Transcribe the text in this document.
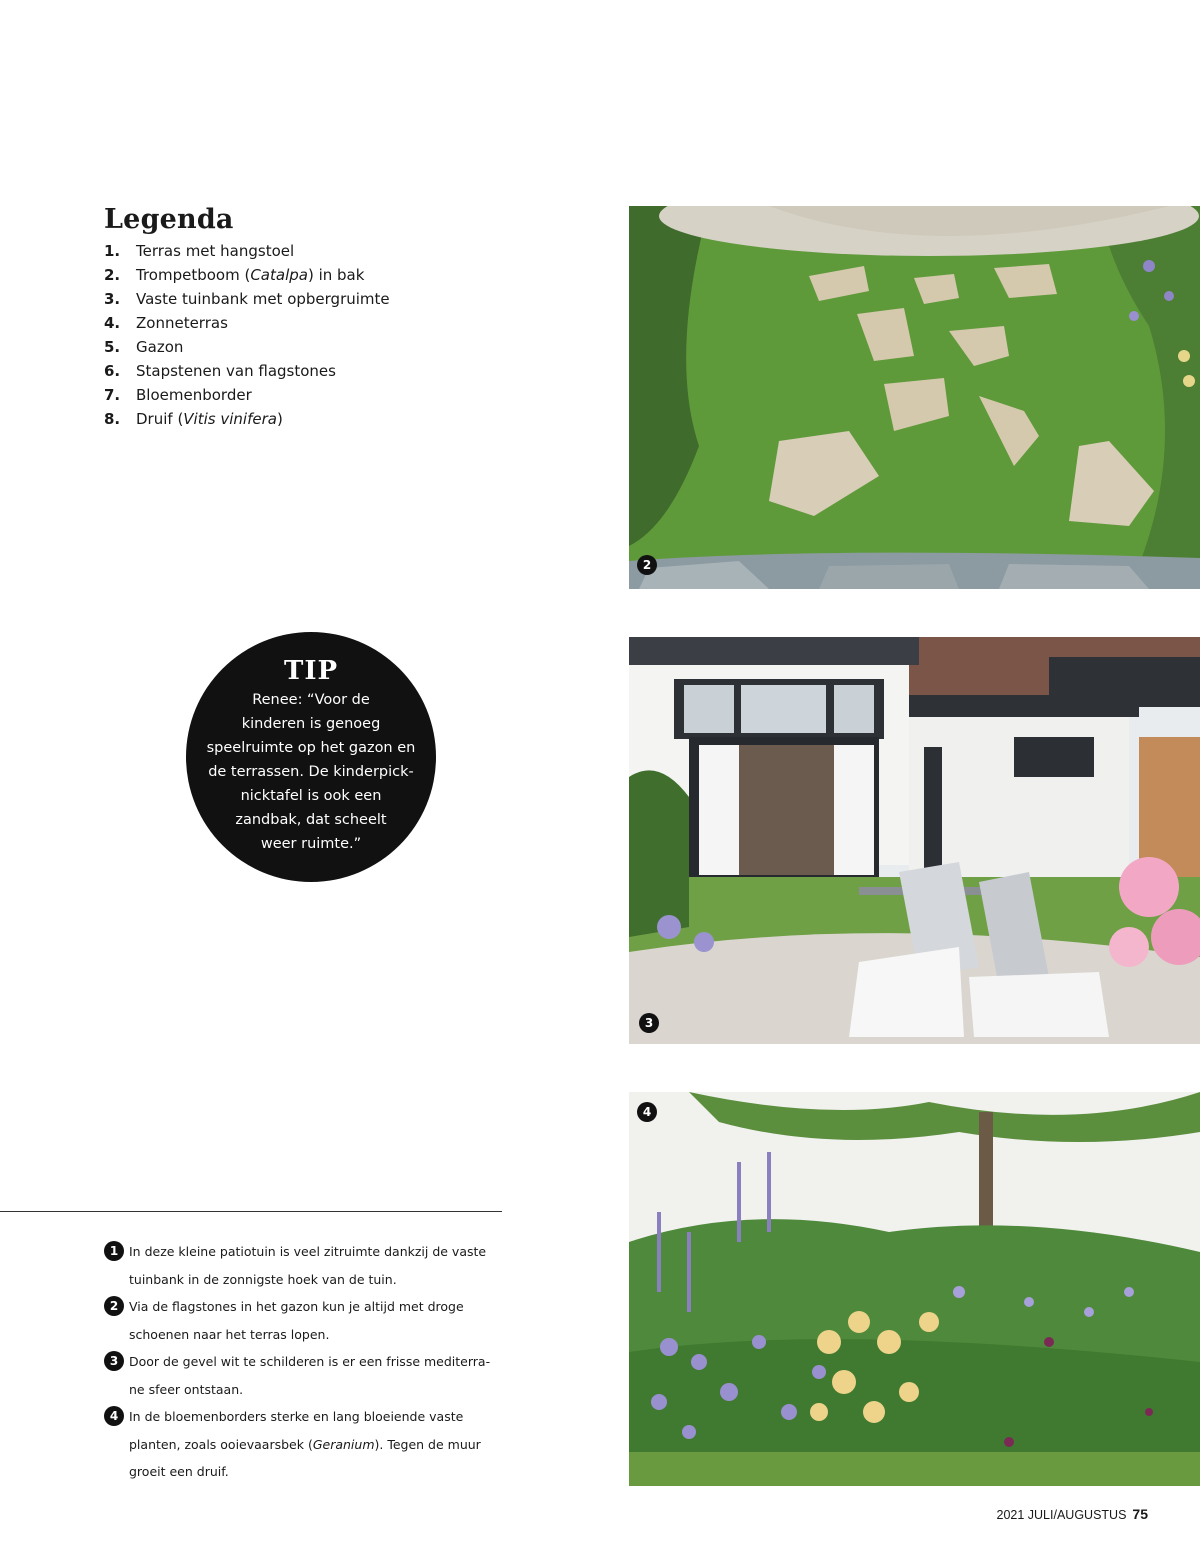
Legenda
1.	Terras met hangstoel
2.	Trompetboom (Catalpa) in bak
3.	Vaste tuinbank met opbergruimte
4.	Zonneterras
5.	Gazon
6.	Stapstenen van flagstones
7.	Bloemenborder
8.	Druif (Vitis vinifera)
TIP
Renee: “Voor de
kinderen is genoeg
speelruimte op het gazon en
de terrassen. De kinderpick-
nicktafel is ook een
zandbak, dat scheelt
weer ruimte.”
1 In deze kleine patiotuin is veel zitruimte dankzij de vaste tuinbank in de zonnigste hoek van de tuin.
2 Via de flagstones in het gazon kun je altijd met droge schoenen naar het terras lopen.
3 Door de gevel wit te schilderen is er een frisse mediterra-ne sfeer ontstaan.
4 In de bloemenborders sterke en lang bloeiende vaste planten, zoals ooievaarsbek (Geranium). Tegen de muur groeit een druif.
2
3
4
2021 JULI/AUGUSTUS 75
